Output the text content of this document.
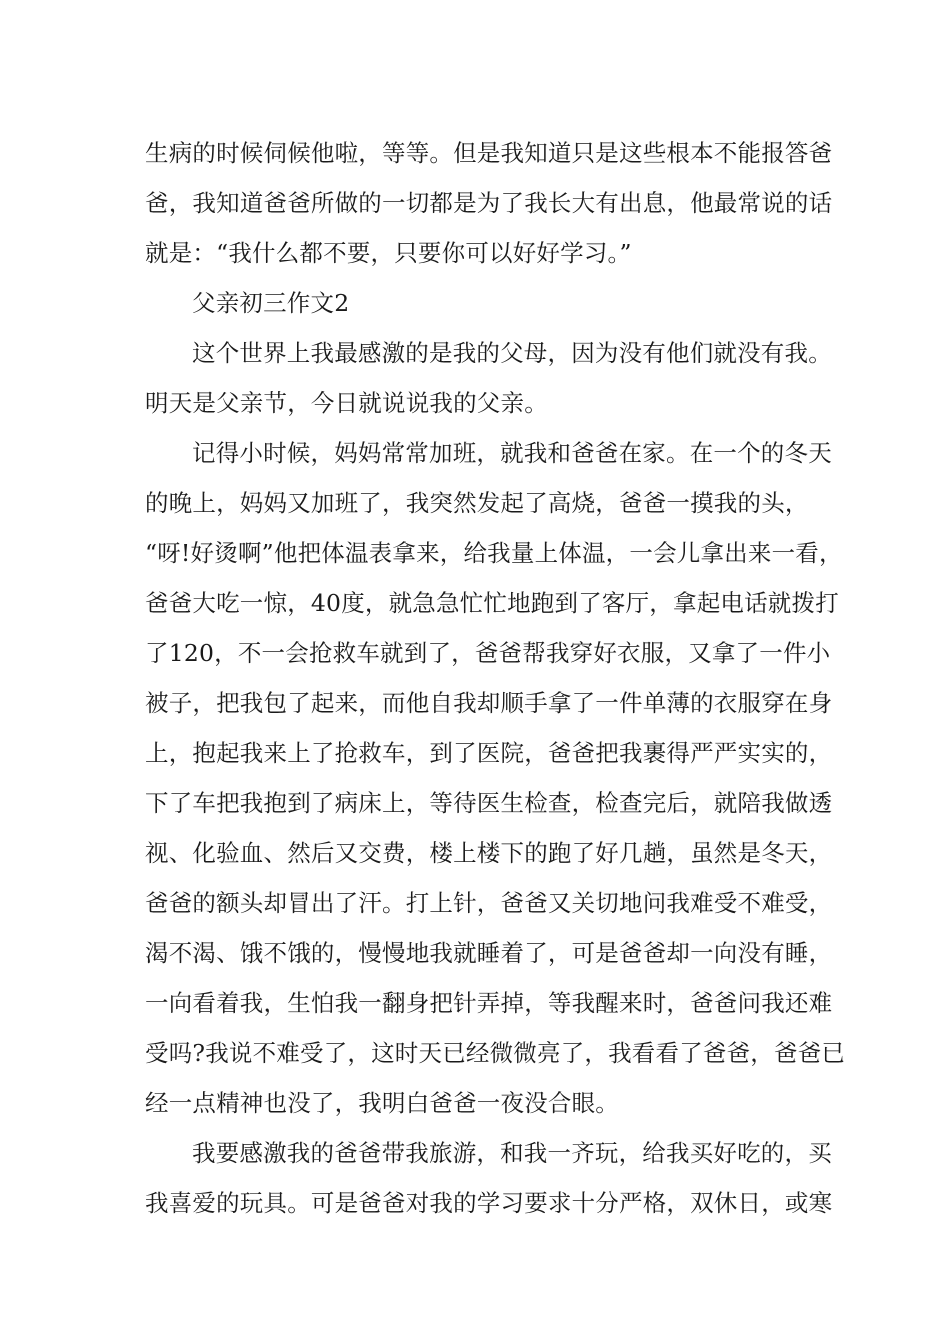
生病的时候伺候他啦，等等。但是我知道只是这些根本不能报答爸
爸，我知道爸爸所做的一切都是为了我长大有出息，他最常说的话
就是：“我什么都不要，只要你可以好好学习。”
父亲初三作文2
这个世界上我最感激的是我的父母，因为没有他们就没有我。
明天是父亲节，今日就说说我的父亲。
记得小时候，妈妈常常加班，就我和爸爸在家。在一个的冬天
的晚上，妈妈又加班了，我突然发起了高烧，爸爸一摸我的头，
“呀!好烫啊”他把体温表拿来，给我量上体温，一会儿拿出来一看，
爸爸大吃一惊，40度，就急急忙忙地跑到了客厅，拿起电话就拨打
了120，不一会抢救车就到了，爸爸帮我穿好衣服，又拿了一件小
被子，把我包了起来，而他自我却顺手拿了一件单薄的衣服穿在身
上，抱起我来上了抢救车，到了医院，爸爸把我裹得严严实实的，
下了车把我抱到了病床上，等待医生检查，检查完后，就陪我做透
视、化验血、然后又交费，楼上楼下的跑了好几趟，虽然是冬天，
爸爸的额头却冒出了汗。打上针，爸爸又关切地问我难受不难受，
渴不渴、饿不饿的，慢慢地我就睡着了，可是爸爸却一向没有睡，
一向看着我，生怕我一翻身把针弄掉，等我醒来时，爸爸问我还难
受吗?我说不难受了，这时天已经微微亮了，我看看了爸爸，爸爸已
经一点精神也没了，我明白爸爸一夜没合眼。
我要感激我的爸爸带我旅游，和我一齐玩，给我买好吃的，买
我喜爱的玩具。可是爸爸对我的学习要求十分严格，双休日，或寒
